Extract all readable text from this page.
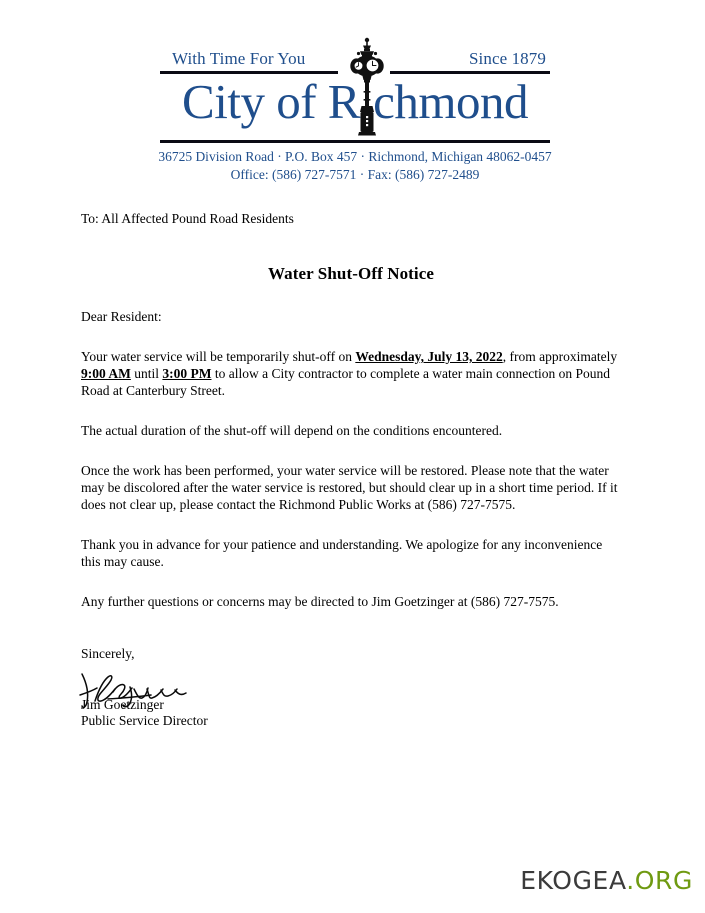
With Time For You	Since 1879
City of R chmond
36725 Division Road · P.O. Box 457 · Richmond, Michigan 48062-0457
Office: (586) 727-7571 · Fax: (586) 727-2489

To: All Affected Pound Road Residents

Water Shut-Off Notice

Dear Resident:

Your water service will be temporarily shut-off on Wednesday, July 13, 2022, from approximately 9:00 AM until 3:00 PM to allow a City contractor to complete a water main connection on Pound Road at Canterbury Street.

The actual duration of the shut-off will depend on the conditions encountered.

Once the work has been performed, your water service will be restored. Please note that the water may be discolored after the water service is restored, but should clear up in a short time period. If it does not clear up, please contact the Richmond Public Works at (586) 727-7575.

Thank you in advance for your patience and understanding. We apologize for any inconvenience this may cause.

Any further questions or concerns may be directed to Jim Goetzinger at (586) 727-7575.

Sincerely,

Jim Goetzinger
Public Service Director
EKOGEA.ORG
